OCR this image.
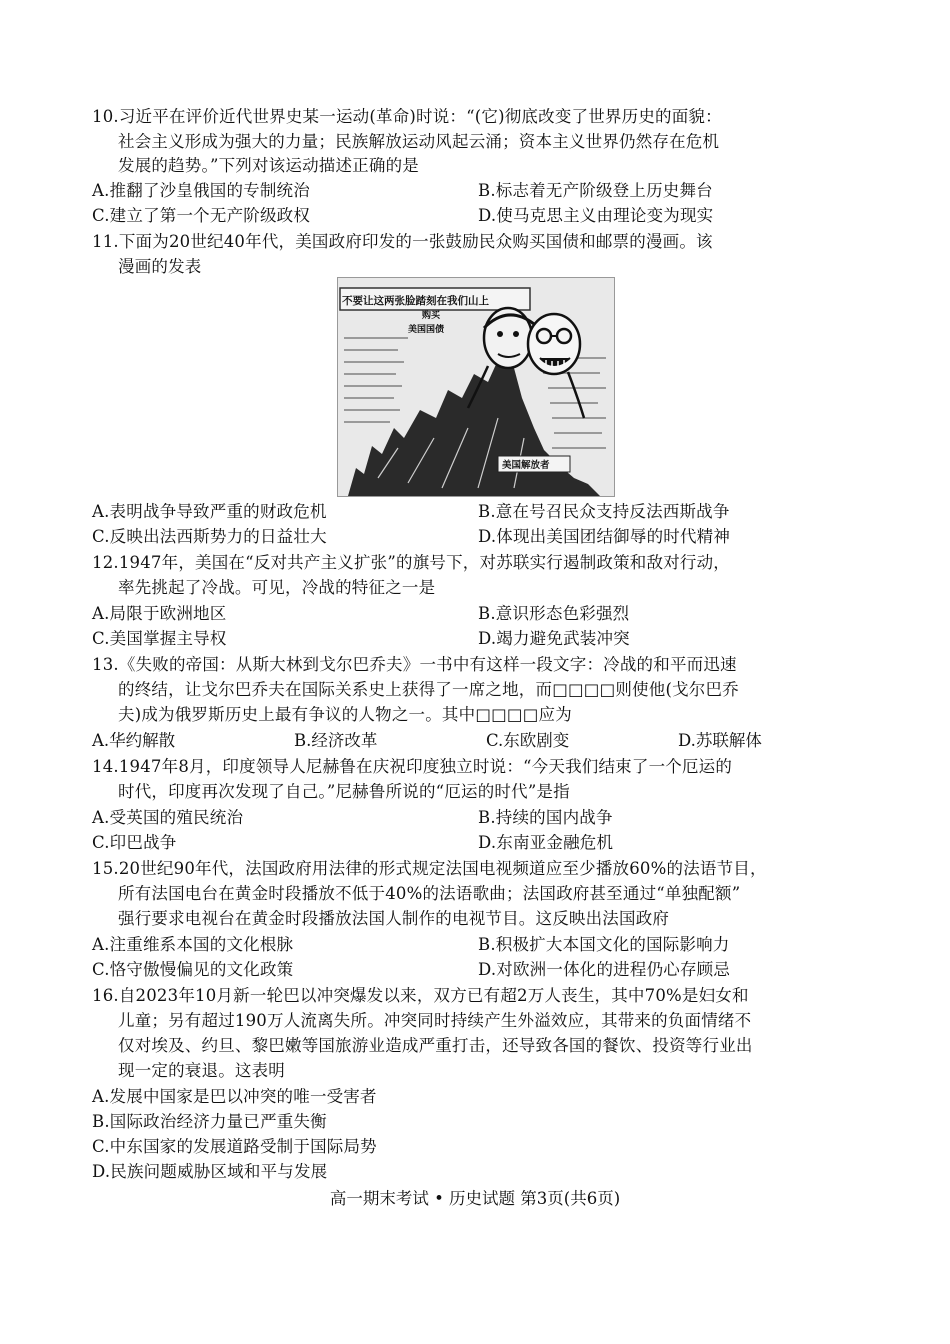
10.习近平在评价近代世界史某一运动(革命)时说：“(它)彻底改变了世界历史的面貌：
社会主义形成为强大的力量；民族解放运动风起云涌；资本主义世界仍然存在危机
发展的趋势。”下列对该运动描述正确的是
A.推翻了沙皇俄国的专制统治	B.标志着无产阶级登上历史舞台
C.建立了第一个无产阶级政权	D.使马克思主义由理论变为现实
11.下面为20世纪40年代，美国政府印发的一张鼓励民众购买国债和邮票的漫画。该
漫画的发表
不要让这两张脸踏刻在我们山上
购买
美国国债
美国解放者
A.表明战争导致严重的财政危机	B.意在号召民众支持反法西斯战争
C.反映出法西斯势力的日益壮大	D.体现出美国团结御辱的时代精神
12.1947年，美国在“反对共产主义扩张”的旗号下，对苏联实行遏制政策和敌对行动，
率先挑起了冷战。可见，冷战的特征之一是
A.局限于欧洲地区	B.意识形态色彩强烈
C.美国掌握主导权	D.竭力避免武装冲突
13.《失败的帝国：从斯大林到戈尔巴乔夫》一书中有这样一段文字：冷战的和平而迅速
的终结，让戈尔巴乔夫在国际关系史上获得了一席之地，而□□□□则使他(戈尔巴乔
夫)成为俄罗斯历史上最有争议的人物之一。其中□□□□应为
A.华约解散	B.经济改革	C.东欧剧变	D.苏联解体
14.1947年8月，印度领导人尼赫鲁在庆祝印度独立时说：“今天我们结束了一个厄运的
时代，印度再次发现了自己。”尼赫鲁所说的“厄运的时代”是指
A.受英国的殖民统治	B.持续的国内战争
C.印巴战争	D.东南亚金融危机
15.20世纪90年代，法国政府用法律的形式规定法国电视频道应至少播放60%的法语节目，
所有法国电台在黄金时段播放不低于40%的法语歌曲；法国政府甚至通过“单独配额”
强行要求电视台在黄金时段播放法国人制作的电视节目。这反映出法国政府
A.注重维系本国的文化根脉	B.积极扩大本国文化的国际影响力
C.恪守傲慢偏见的文化政策	D.对欧洲一体化的进程仍心存顾忌
16.自2023年10月新一轮巴以冲突爆发以来，双方已有超2万人丧生，其中70%是妇女和
儿童；另有超过190万人流离失所。冲突同时持续产生外溢效应，其带来的负面情绪不
仅对埃及、约旦、黎巴嫩等国旅游业造成严重打击，还导致各国的餐饮、投资等行业出
现一定的衰退。这表明
A.发展中国家是巴以冲突的唯一受害者
B.国际政治经济力量已严重失衡
C.中东国家的发展道路受制于国际局势
D.民族问题威胁区域和平与发展
高一期末考试 • 历史试题 第3页(共6页)
